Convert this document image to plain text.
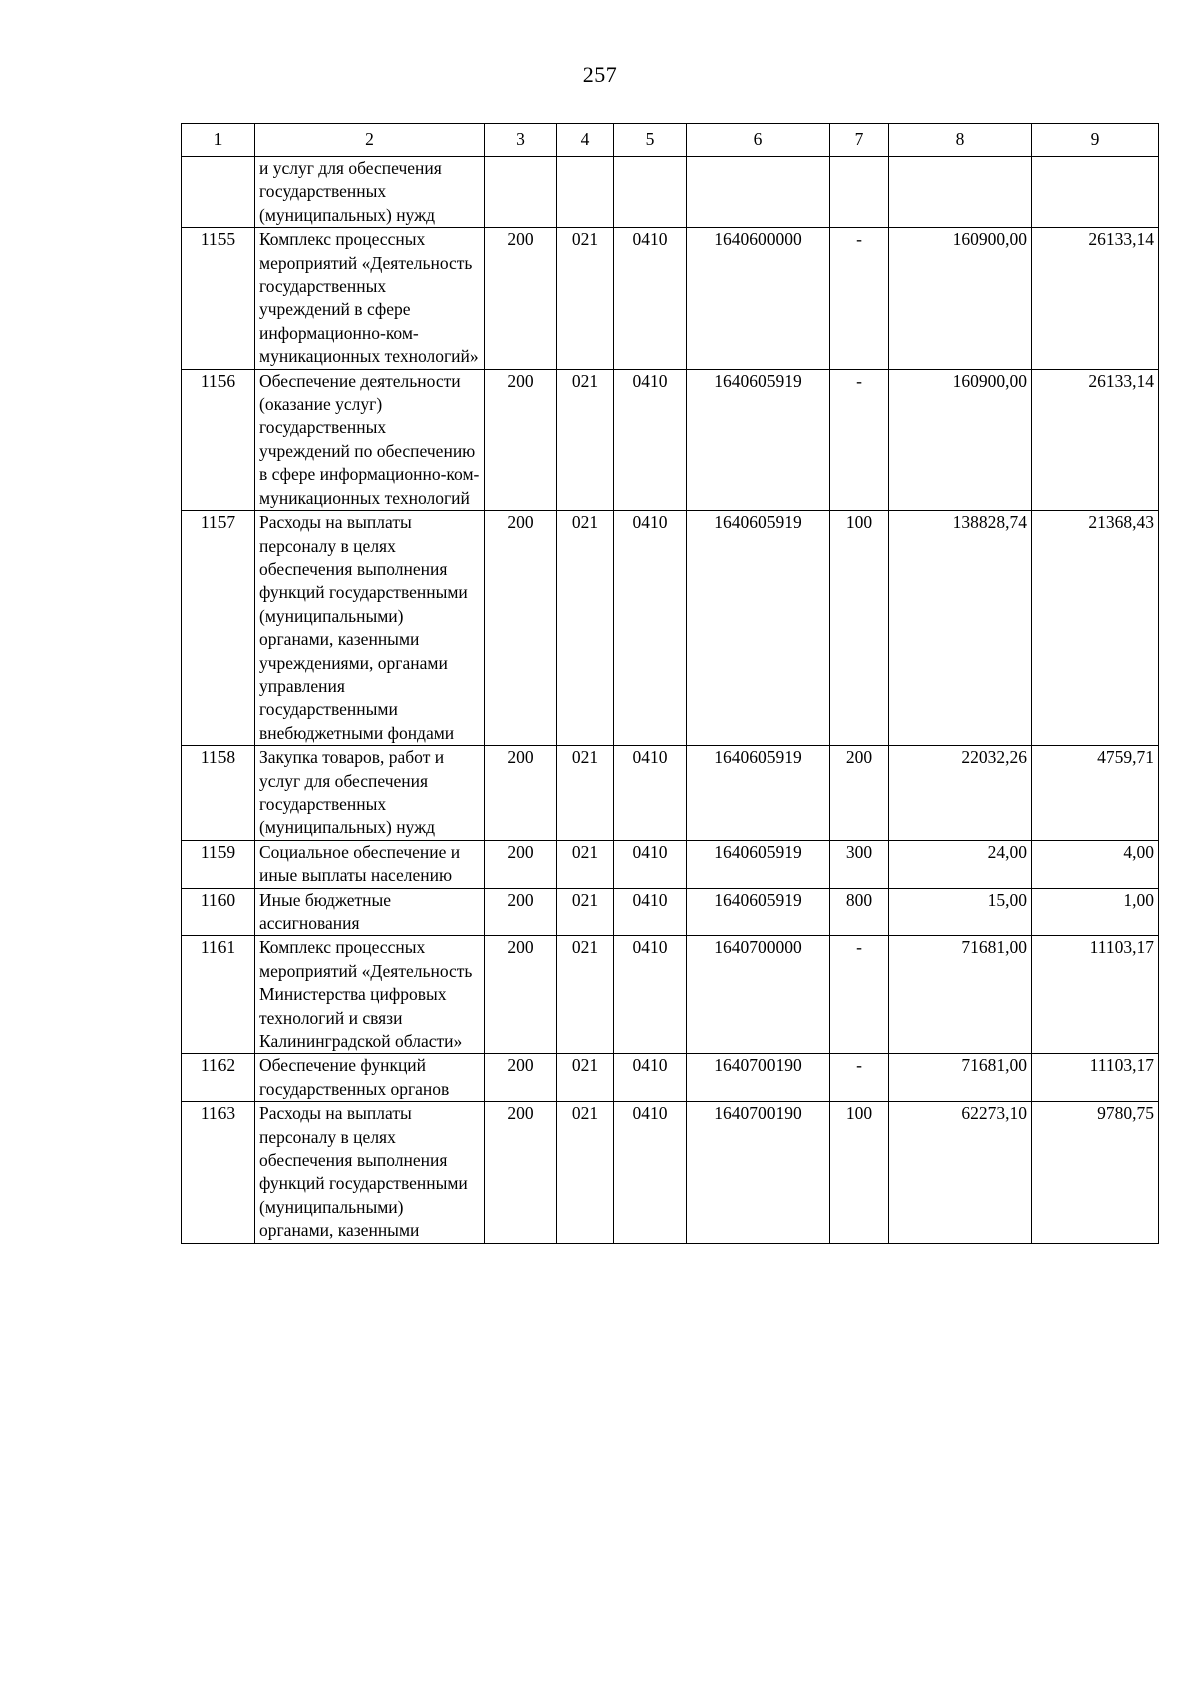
257
1	2	3	4	5	6	7	8	9
	и услуг для обеспечения государственных (муниципальных) нужд							
1155	Комплекс процессных мероприятий «Деятельность государственных учреждений в сфере информационно-ком-муникационных технологий»	200	021	0410	1640600000	-	160900,00	26133,14
1156	Обеспечение деятельности (оказание услуг) государственных учреждений по обеспечению в сфере информационно-ком-муникационных технологий	200	021	0410	1640605919	-	160900,00	26133,14
1157	Расходы на выплаты персоналу в целях обеспечения выполнения функций государственными (муниципальными) органами, казенными учреждениями, органами управления государственными внебюджетными фондами	200	021	0410	1640605919	100	138828,74	21368,43
1158	Закупка товаров, работ и услуг для обеспечения государственных (муниципальных) нужд	200	021	0410	1640605919	200	22032,26	4759,71
1159	Социальное обеспечение и иные выплаты населению	200	021	0410	1640605919	300	24,00	4,00
1160	Иные бюджетные ассигнования	200	021	0410	1640605919	800	15,00	1,00
1161	Комплекс процессных мероприятий «Деятельность Министерства цифровых технологий и связи Калининградской области»	200	021	0410	1640700000	-	71681,00	11103,17
1162	Обеспечение функций государственных органов	200	021	0410	1640700190	-	71681,00	11103,17
1163	Расходы на выплаты персоналу в целях обеспечения выполнения функций государственными (муниципальными) органами, казенными	200	021	0410	1640700190	100	62273,10	9780,75
